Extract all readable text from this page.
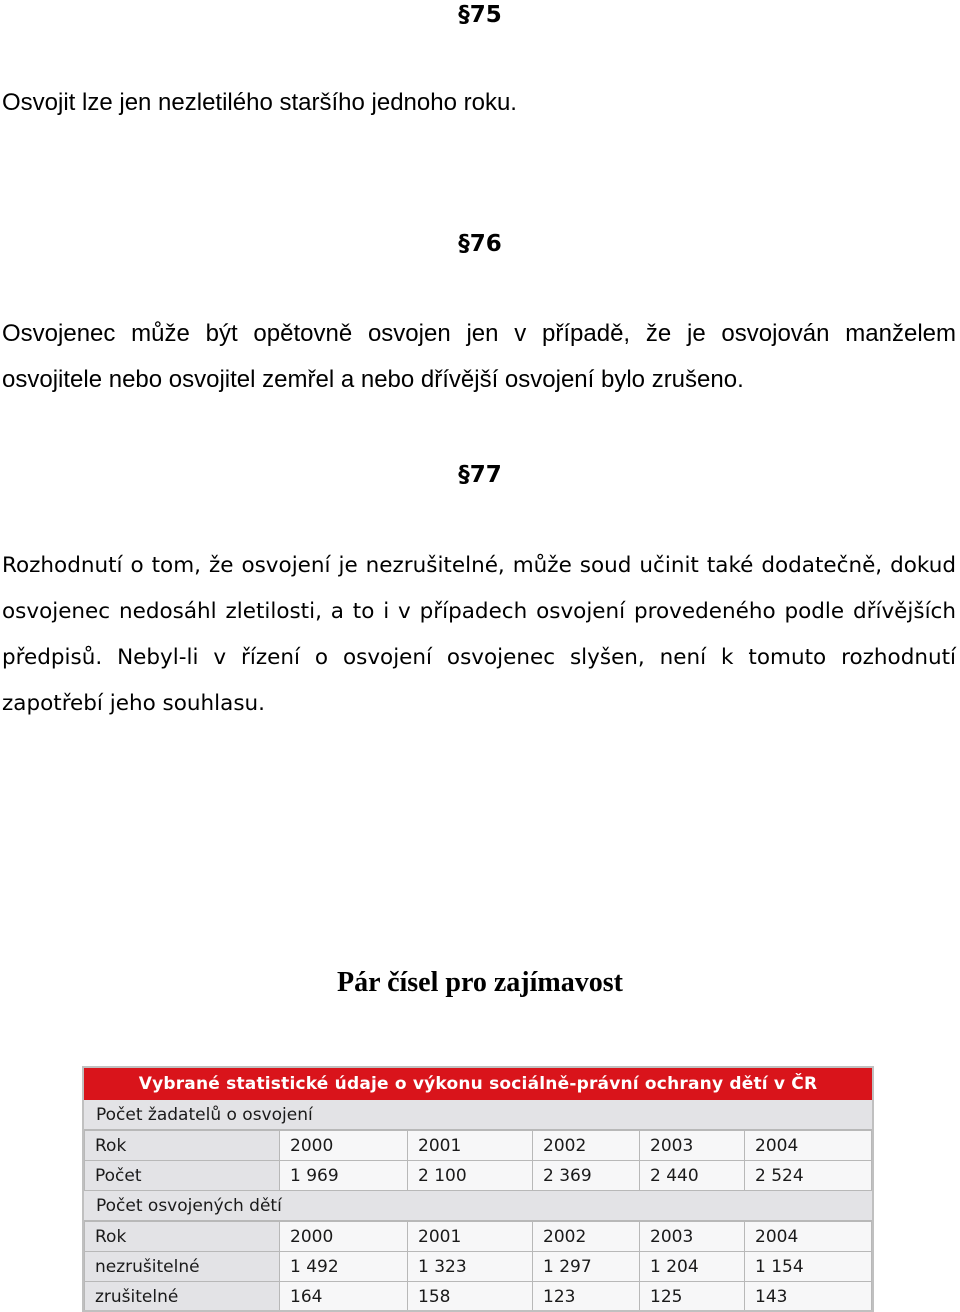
§75

Osvojit lze jen nezletilého staršího jednoho roku.

§76

Osvojenec může být opětovně osvojen jen v případě, že je osvojován manželem osvojitele nebo osvojitel zemřel a nebo dřívější osvojení bylo zrušeno.

§77

Rozhodnutí o tom, že osvojení je nezrušitelné, může soud učinit také dodatečně, dokud osvojenec nedosáhl zletilosti, a to i v případech osvojení provedeného podle dřívějších předpisů. Nebyl-li v řízení o osvojení osvojenec slyšen, není k tomuto rozhodnutí zapotřebí jeho souhlasu.

Pár čísel pro zajímavost
Vybrané statistické údaje o výkonu sociálně-právní ochrany dětí v ČR
Počet žadatelů o osvojení
Rok	2000	2001	2002	2003	2004
Počet	1 969	2 100	2 369	2 440	2 524
Počet osvojených dětí
Rok	2000	2001	2002	2003	2004
nezrušitelné	1 492	1 323	1 297	1 204	1 154
zrušitelné	164	158	123	125	143
